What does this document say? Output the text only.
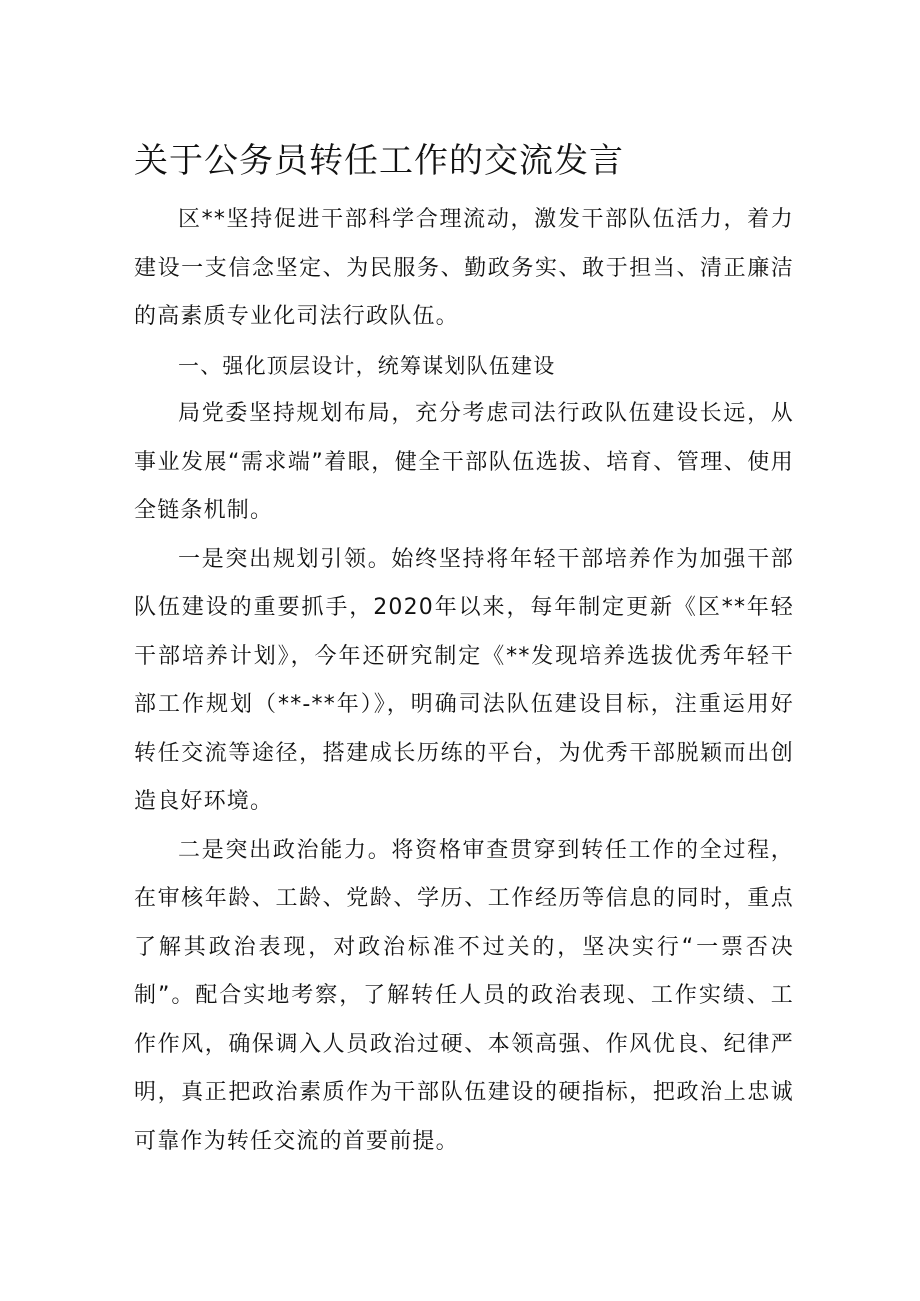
关于公务员转任工作的交流发言

区**坚持促进干部科学合理流动，激发干部队伍活力，着力建设一支信念坚定、为民服务、勤政务实、敢于担当、清正廉洁的高素质专业化司法行政队伍。

一、强化顶层设计，统筹谋划队伍建设

局党委坚持规划布局，充分考虑司法行政队伍建设长远，从事业发展“需求端”着眼，健全干部队伍选拔、培育、管理、使用全链条机制。

一是突出规划引领。始终坚持将年轻干部培养作为加强干部队伍建设的重要抓手，2020年以来，每年制定更新《区**年轻干部培养计划》，今年还研究制定《**发现培养选拔优秀年轻干部工作规划（**-**年）》，明确司法队伍建设目标，注重运用好转任交流等途径，搭建成长历练的平台，为优秀干部脱颖而出创造良好环境。

二是突出政治能力。将资格审查贯穿到转任工作的全过程，在审核年龄、工龄、党龄、学历、工作经历等信息的同时，重点了解其政治表现，对政治标准不过关的，坚决实行“一票否决制”。配合实地考察，了解转任人员的政治表现、工作实绩、工作作风，确保调入人员政治过硬、本领高强、作风优良、纪律严明，真正把政治素质作为干部队伍建设的硬指标，把政治上忠诚可靠作为转任交流的首要前提。
